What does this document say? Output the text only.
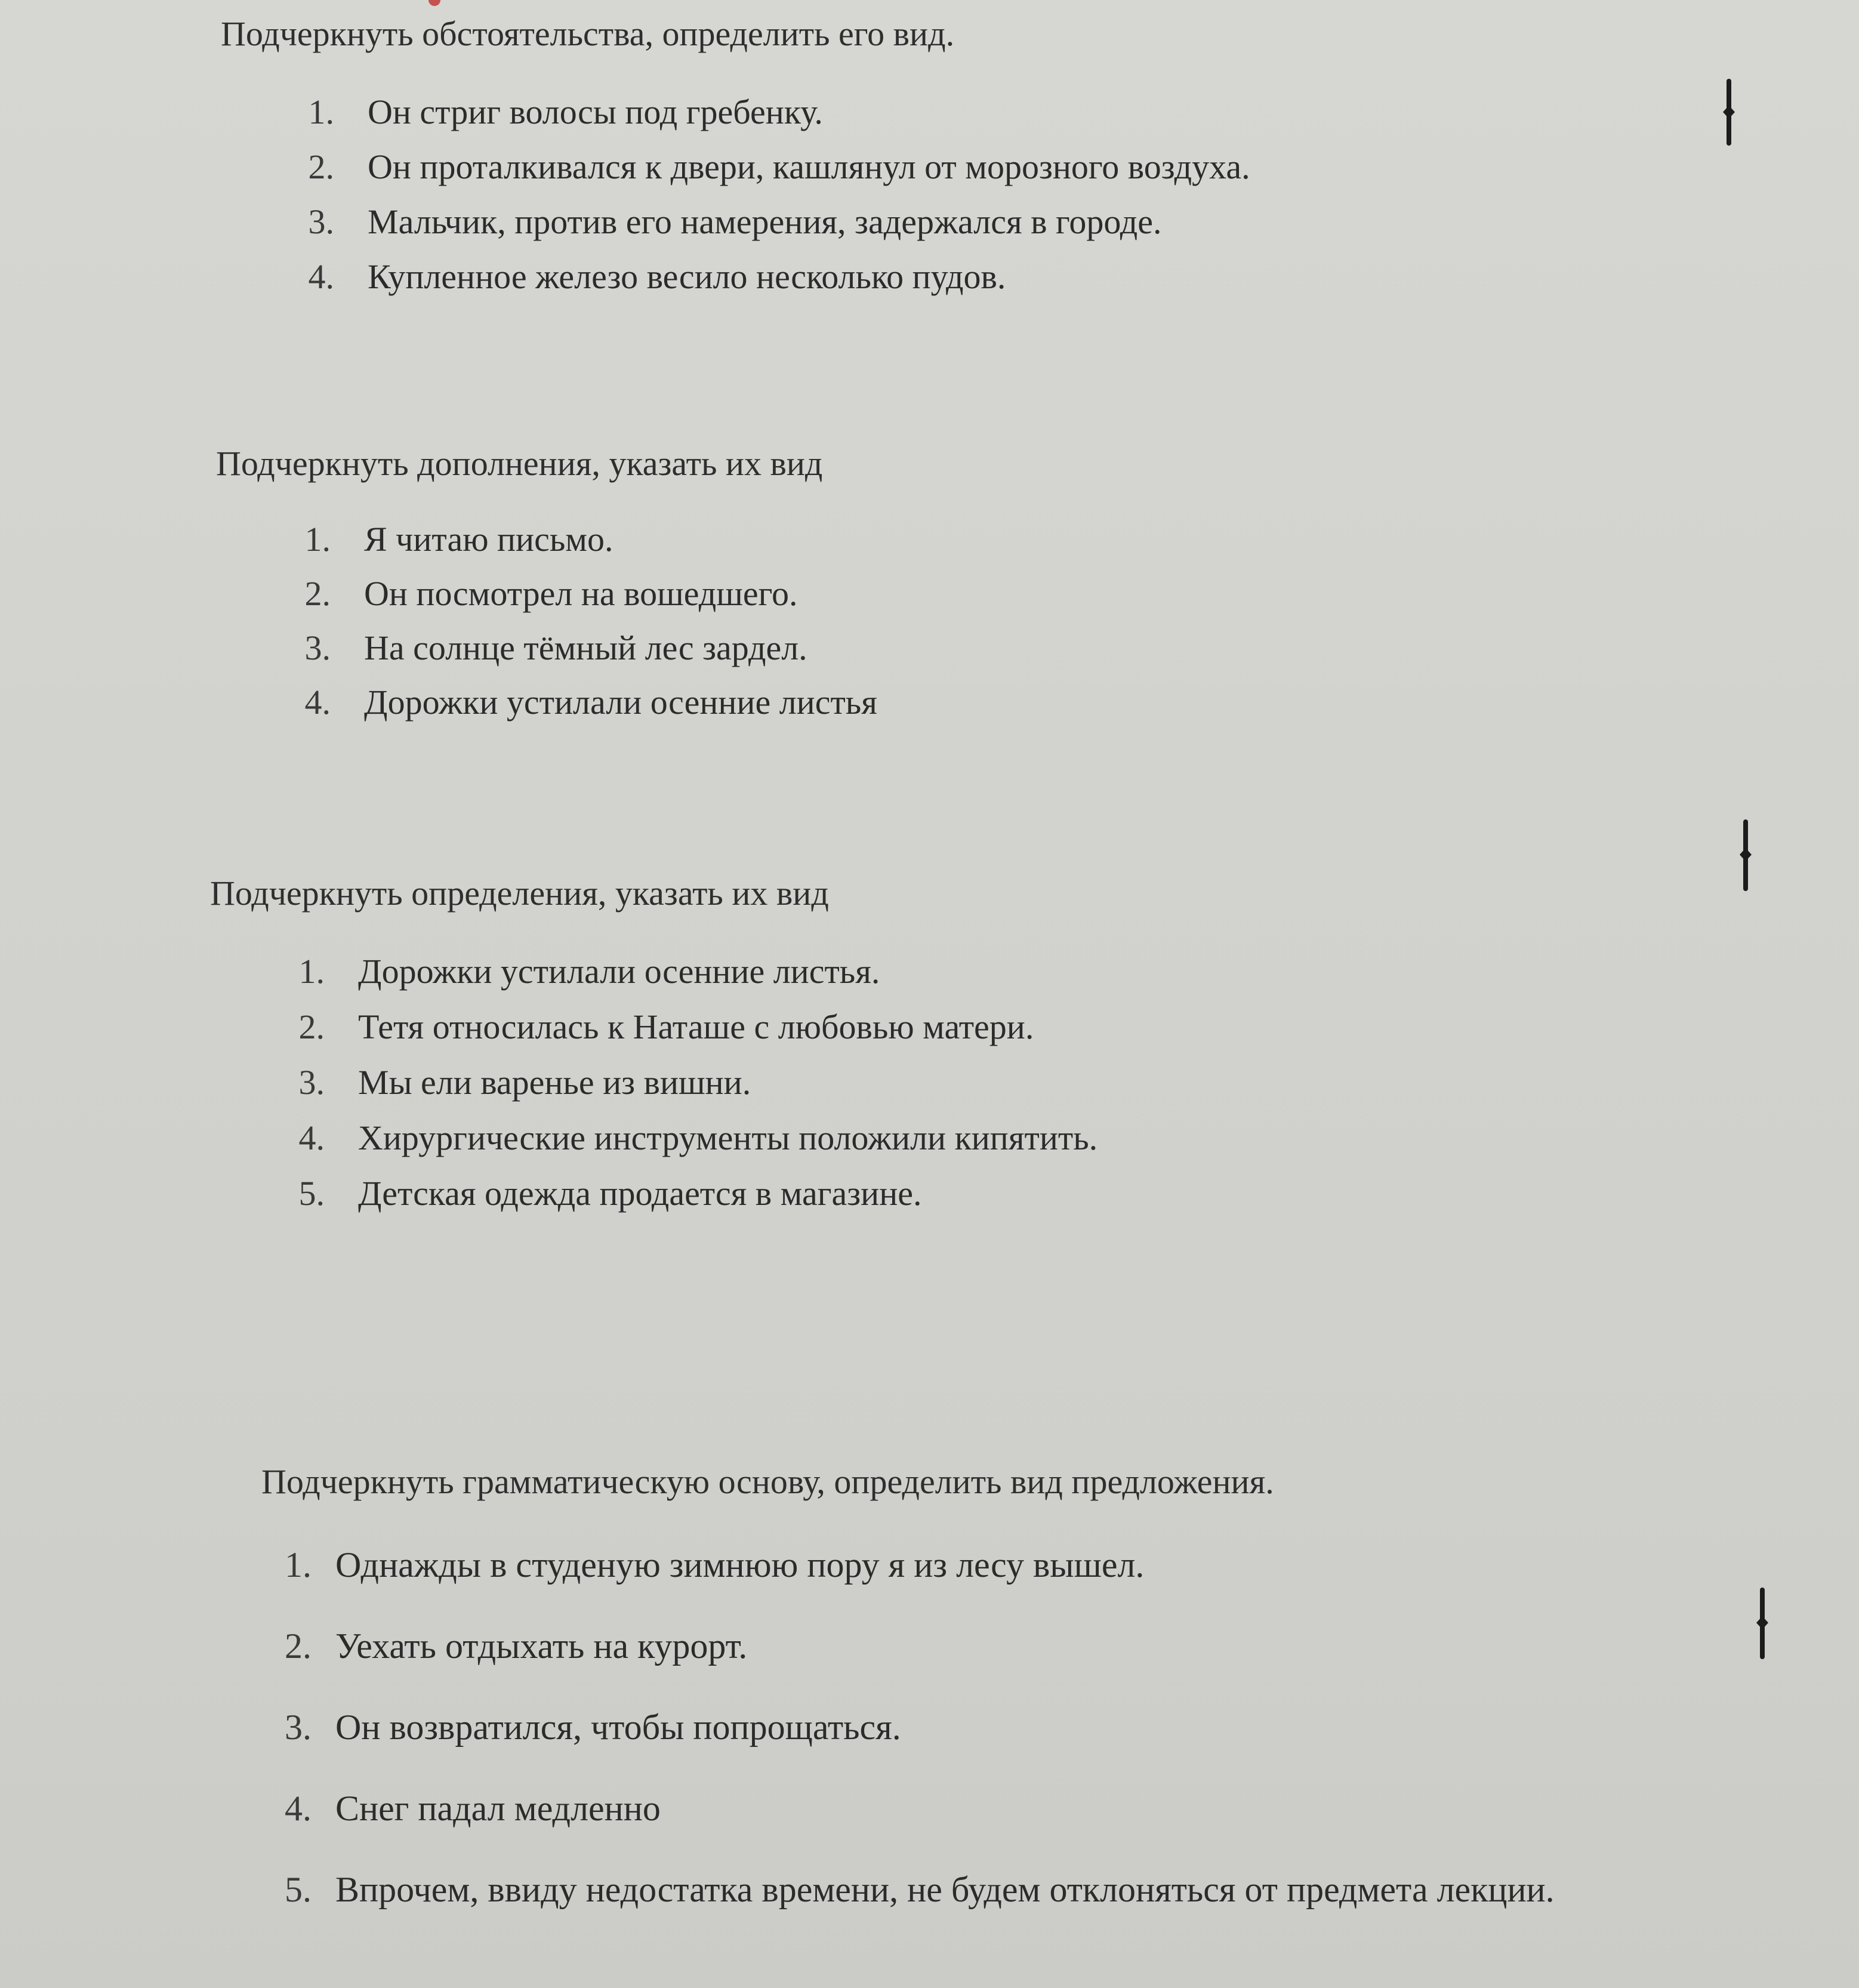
Подчеркнуть обстоятельства, определить его вид.

1. Он стриг волосы под гребенку.
2. Он проталкивался к двери, кашлянул от морозного воздуха.
3. Мальчик, против его намерения, задержался в городе.
4. Купленное железо весило несколько пудов.

Подчеркнуть дополнения, указать их вид

1. Я читаю письмо.
2. Он посмотрел на вошедшего.
3. На солнце тёмный лес зардел.
4. Дорожки устилали осенние листья

Подчеркнуть определения, указать их вид

1. Дорожки устилали осенние листья.
2. Тетя относилась к Наташе с любовью матери.
3. Мы ели варенье из вишни.
4. Хирургические инструменты положили кипятить.
5. Детская одежда продается в магазине.

Подчеркнуть грамматическую основу, определить вид предложения.

1. Однажды в студеную зимнюю пору я из лесу вышел.
2. Уехать отдыхать на курорт.
3. Он возвратился, чтобы попрощаться.
4. Снег падал медленно
5. Впрочем, ввиду недостатка времени, не будем отклоняться от предмета лекции.
